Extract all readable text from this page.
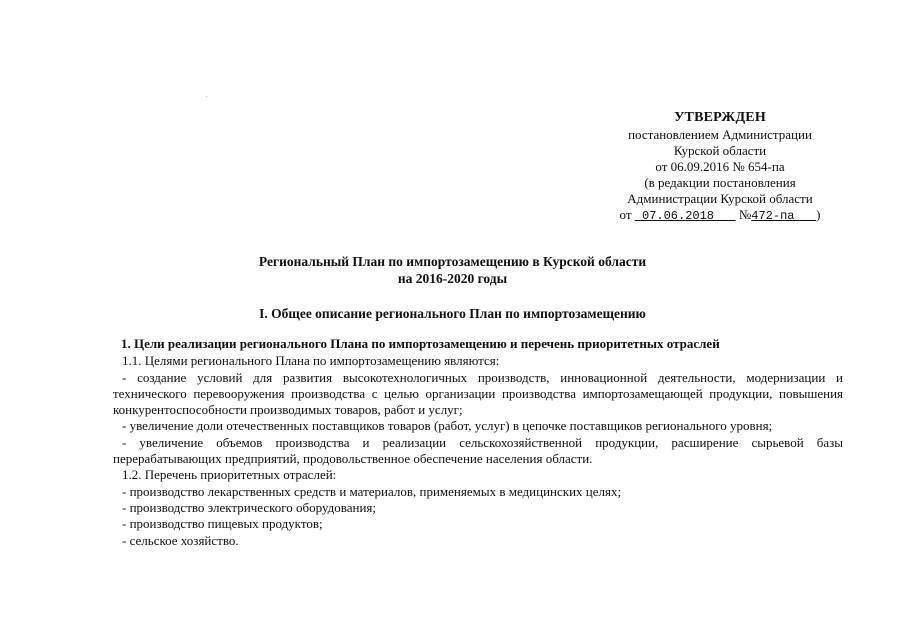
УТВЕРЖДЕН
постановлением Администрации
Курской области
от 06.09.2016 № 654-па
(в редакции постановления
Администрации Курской области
от 07.06.2018 №472-па )
Региональный План по импортозамещению в Курской области
на 2016-2020 годы
I. Общее описание регионального План по импортозамещению

1. Цели реализации регионального Плана по импортозамещению и перечень приоритетных отраслей

1.1. Целями регионального Плана по импортозамещению являются:

- создание условий для развития высокотехнологичных производств, инновационной деятельности, модернизации и технического перевооружения производства с целью организации производства импортозамещающей продукции, повышения конкурентоспособности производимых товаров, работ и услуг;

- увеличение доли отечественных поставщиков товаров (работ, услуг) в цепочке поставщиков регионального уровня;

- увеличение объемов производства и реализации сельскохозяйственной продукции, расширение сырьевой базы перерабатывающих предприятий, продовольственное обеспечение населения области.

1.2. Перечень приоритетных отраслей:

- производство лекарственных средств и материалов, применяемых в медицинских целях;

- производство электрического оборудования;

- производство пищевых продуктов;

- сельское хозяйство.
